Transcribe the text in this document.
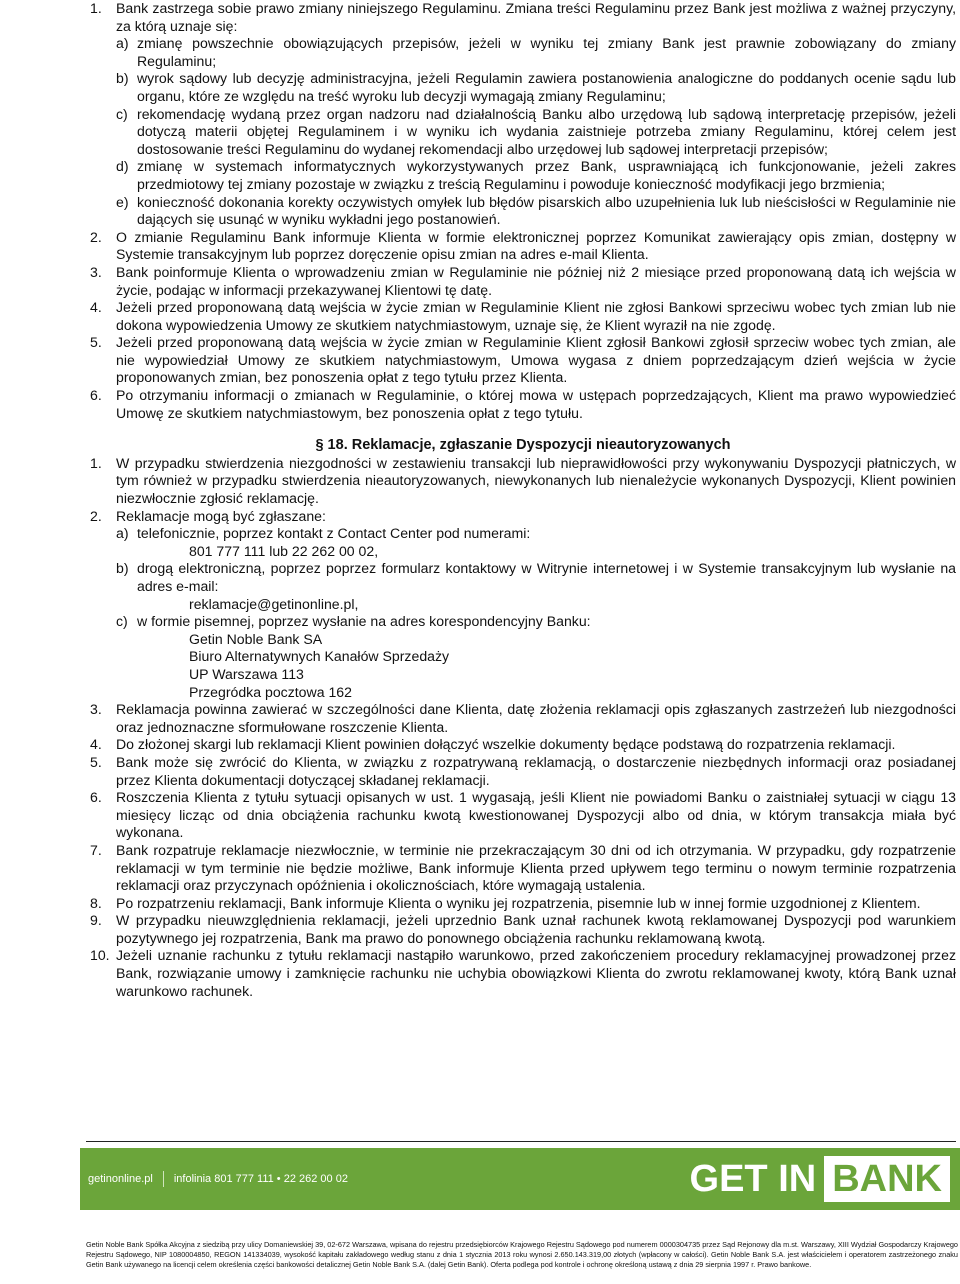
1.	Bank zastrzega sobie prawo zmiany niniejszego Regulaminu. Zmiana treści Regulaminu przez Bank jest możliwa z ważnej przyczyny, za którą uznaje się:
a) zmianę powszechnie obowiązujących przepisów, jeżeli w wyniku tej zmiany Bank jest prawnie zobowiązany do zmiany Regulaminu;
b) wyrok sądowy lub decyzję administracyjna, jeżeli Regulamin zawiera postanowienia analogiczne do poddanych ocenie sądu lub organu, które ze względu na treść wyroku lub decyzji wymagają zmiany Regulaminu;
c) rekomendację wydaną przez organ nadzoru nad działalnością Banku albo urzędową lub sądową interpretację przepisów, jeżeli dotyczą materii objętej Regulaminem i w wyniku ich wydania zaistnieje potrzeba zmiany Regulaminu, której celem jest dostosowanie treści Regulaminu do wydanej rekomendacji albo urzędowej lub sądowej interpretacji przepisów;
d) zmianę w systemach informatycznych wykorzystywanych przez Bank, usprawniającą ich funkcjonowanie, jeżeli zakres przedmiotowy tej zmiany pozostaje w związku z treścią Regulaminu i powoduje konieczność modyfikacji jego brzmienia;
e) konieczność dokonania korekty oczywistych omyłek lub błędów pisarskich albo uzupełnienia luk lub nieścisłości w Regulaminie nie dających się usunąć w wyniku wykładni jego postanowień.
2.	O zmianie Regulaminu Bank informuje Klienta w formie elektronicznej poprzez Komunikat zawierający opis zmian, dostępny w Systemie transakcyjnym lub poprzez doręczenie opisu zmian na adres e-mail Klienta.
3.	Bank poinformuje Klienta o wprowadzeniu zmian w Regulaminie nie później niż 2 miesiące przed proponowaną datą ich wejścia w życie, podając w informacji przekazywanej Klientowi tę datę.
4.	Jeżeli przed proponowaną datą wejścia w życie zmian w Regulaminie Klient nie zgłosi Bankowi sprzeciwu wobec tych zmian lub nie dokona wypowiedzenia Umowy ze skutkiem natychmiastowym, uznaje się, że Klient wyraził na nie zgodę.
5.	Jeżeli przed proponowaną datą wejścia w życie zmian w Regulaminie Klient zgłosił Bankowi zgłosił sprzeciw wobec tych zmian, ale nie wypowiedział Umowy ze skutkiem natychmiastowym, Umowa wygasa z dniem poprzedzającym dzień wejścia w życie proponowanych zmian, bez ponoszenia opłat z tego tytułu przez Klienta.
6.	Po otrzymaniu informacji o zmianach w Regulaminie, o której mowa w ustępach poprzedzających, Klient ma prawo wypowiedzieć Umowę ze skutkiem natychmiastowym, bez ponoszenia opłat z tego tytułu.
§ 18. Reklamacje, zgłaszanie Dyspozycji nieautoryzowanych
1.	W przypadku stwierdzenia niezgodności w zestawieniu transakcji lub nieprawidłowości przy wykonywaniu Dyspozycji płatniczych, w tym również w przypadku stwierdzenia nieautoryzowanych, niewykonanych lub nienależycie wykonanych Dyspozycji, Klient powinien niezwłocznie zgłosić reklamację.
2.	Reklamacje mogą być zgłaszane:
a) telefonicznie, poprzez kontakt z Contact Center pod numerami:
801 777 111 lub 22 262 00 02,
b) drogą elektroniczną, poprzez poprzez formularz kontaktowy w Witrynie internetowej i w Systemie transakcyjnym lub wysłanie na adres e-mail:
reklamacje@getinonline.pl,
c) w formie pisemnej, poprzez wysłanie na adres korespondencyjny Banku:
Getin Noble Bank SA
Biuro Alternatywnych Kanałów Sprzedaży
UP Warszawa 113
Przegródka pocztowa 162
3.	Reklamacja powinna zawierać w szczególności dane Klienta, datę złożenia reklamacji opis zgłaszanych zastrzeżeń lub niezgodności oraz jednoznaczne sformułowane roszczenie Klienta.
4.	Do złożonej skargi lub reklamacji Klient powinien dołączyć wszelkie dokumenty będące podstawą do rozpatrzenia reklamacji.
5.	Bank może się zwrócić do Klienta, w związku z rozpatrywaną reklamacją, o dostarczenie niezbędnych informacji oraz posiadanej przez Klienta dokumentacji dotyczącej składanej reklamacji.
6.	Roszczenia Klienta z tytułu sytuacji opisanych w ust. 1 wygasają, jeśli Klient nie powiadomi Banku o zaistniałej sytuacji w ciągu 13 miesięcy licząc od dnia obciążenia rachunku kwotą kwestionowanej Dyspozycji albo od dnia, w którym transakcja miała być wykonana.
7.	Bank rozpatruje reklamacje niezwłocznie, w terminie nie przekraczającym 30 dni od ich otrzymania. W przypadku, gdy rozpatrzenie reklamacji w tym terminie nie będzie możliwe, Bank informuje Klienta przed upływem tego terminu o nowym terminie rozpatrzenia reklamacji oraz przyczynach opóźnienia i okolicznościach, które wymagają ustalenia.
8.	Po rozpatrzeniu reklamacji, Bank informuje Klienta o wyniku jej rozpatrzenia, pisemnie lub w innej formie uzgodnionej z Klientem.
9.	W przypadku nieuwzględnienia reklamacji, jeżeli uprzednio Bank uznał rachunek kwotą reklamowanej Dyspozycji pod warunkiem pozytywnego jej rozpatrzenia, Bank ma prawo do ponownego obciążenia rachunku reklamowaną kwotą.
10. Jeżeli uznanie rachunku z tytułu reklamacji nastąpiło warunkowo, przed zakończeniem procedury reklamacyjnej prowadzonej przez Bank, rozwiązanie umowy i zamknięcie rachunku nie uchybia obowiązkowi Klienta do zwrotu reklamowanej kwoty, którą Bank uznał warunkowo rachunek.
getinonline.pl infolinia 801 777 111 • 22 262 00 02	GET IN BANK
Getin Noble Bank Spółka Akcyjna z siedzibą przy ulicy Domaniewskiej 39, 02-672 Warszawa, wpisana do rejestru przedsiębiorców Krajowego Rejestru Sądowego pod numerem 0000304735 przez Sąd Rejonowy dla m.st. Warszawy, XIII Wydział Gospodarczy Krajowego Rejestru Sądowego, NIP 1080004850, REGON 141334039, wysokość kapitału zakładowego według stanu z dnia 1 stycznia 2013 roku wynosi 2.650.143.319,00 złotych (wpłacony w całości). Getin Noble Bank S.A. jest właścicielem i operatorem zastrzeżonego znaku Getin Bank używanego na licencji celem określenia części bankowości detalicznej Getin Noble Bank S.A. (dalej Getin Bank). Oferta podlega pod kontrole i ochronę określoną ustawą z dnia 29 sierpnia 1997 r. Prawo bankowe.
